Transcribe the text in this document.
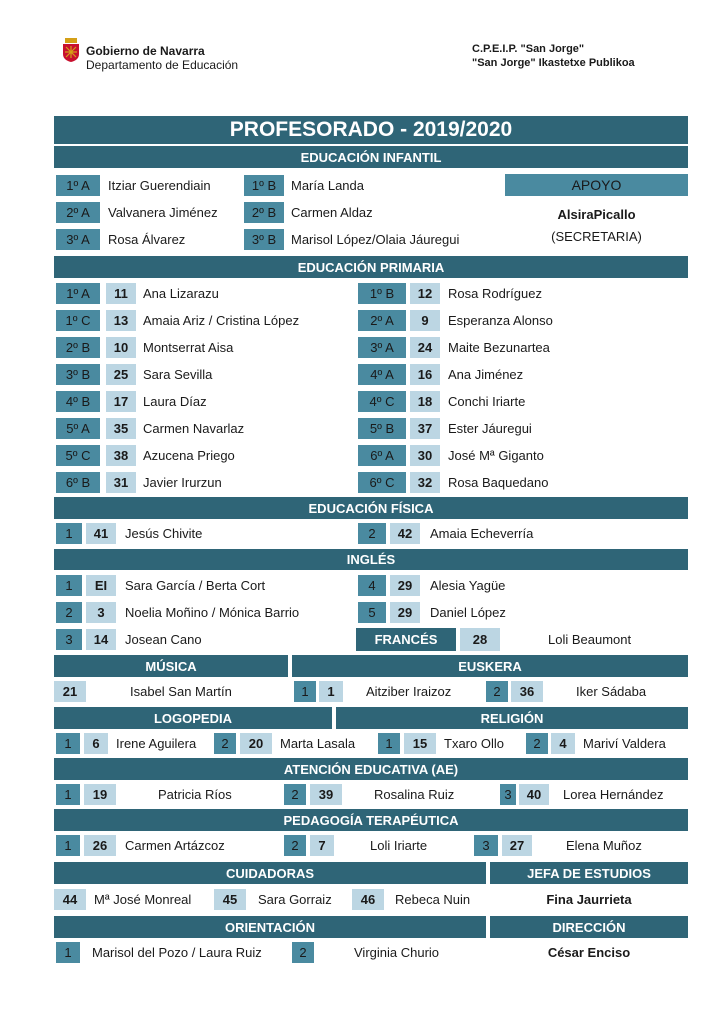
Gobierno de Navarra
Departamento de Educación
C.P.E.I.P. "San Jorge"
"San Jorge" Ikastetxe Publikoa
PROFESORADO - 2019/2020
EDUCACIÓN INFANTIL
1º A	Itziar Guerendiain	1º B	María Landa
2º A	Valvanera Jiménez	2º B	Carmen Aldaz
3º A	Rosa Álvarez	3º B	Marisol López/Olaia Jáuregui
APOYO
AlsiraPicallo
(SECRETARIA)
EDUCACIÓN PRIMARIA
1º A	11	Ana Lizarazu	1º B	12	Rosa Rodríguez
1º C	13	Amaia Ariz / Cristina López	2º A	9	Esperanza Alonso
2º B	10	Montserrat Aisa	3º A	24	Maite Bezunartea
3º B	25	Sara Sevilla	4º A	16	Ana Jiménez
4º B	17	Laura Díaz	4º C	18	Conchi Iriarte
5º A	35	Carmen Navarlaz	5º B	37	Ester Jáuregui
5º C	38	Azucena Priego	6º A	30	José Mª Giganto
6º B	31	Javier Irurzun	6º C	32	Rosa Baquedano
EDUCACIÓN FÍSICA
1	41	Jesús Chivite	2	42	Amaia Echeverría
INGLÉS
1	EI	Sara García / Berta Cort	4	29	Alesia Yagüe
2	3	Noelia Moñino / Mónica Barrio	5	29	Daniel López
3	14	Josean Cano	FRANCÉS	28	Loli Beaumont
MÚSICA	EUSKERA
21	Isabel San Martín	1	1	Aitziber Iraizoz	2	36	Iker Sádaba
LOGOPEDIA	RELIGIÓN
1	6	Irene Aguilera	2	20	Marta Lasala	1	15	Txaro Ollo	2	4	Mariví Valdera
ATENCIÓN EDUCATIVA (AE)
1	19	Patricia Ríos	2	39	Rosalina Ruiz	3	40	Lorea Hernández
PEDAGOGÍA TERAPÉUTICA
1	26	Carmen Artázcoz	2	7	Loli Iriarte	3	27	Elena Muñoz
CUIDADORAS	JEFA DE ESTUDIOS
44	Mª José Monreal	45	Sara Gorraiz	46	Rebeca Nuin	Fina Jaurrieta
ORIENTACIÓN	DIRECCIÓN
1	Marisol del Pozo / Laura Ruiz	2	Virginia Churio	César Enciso
